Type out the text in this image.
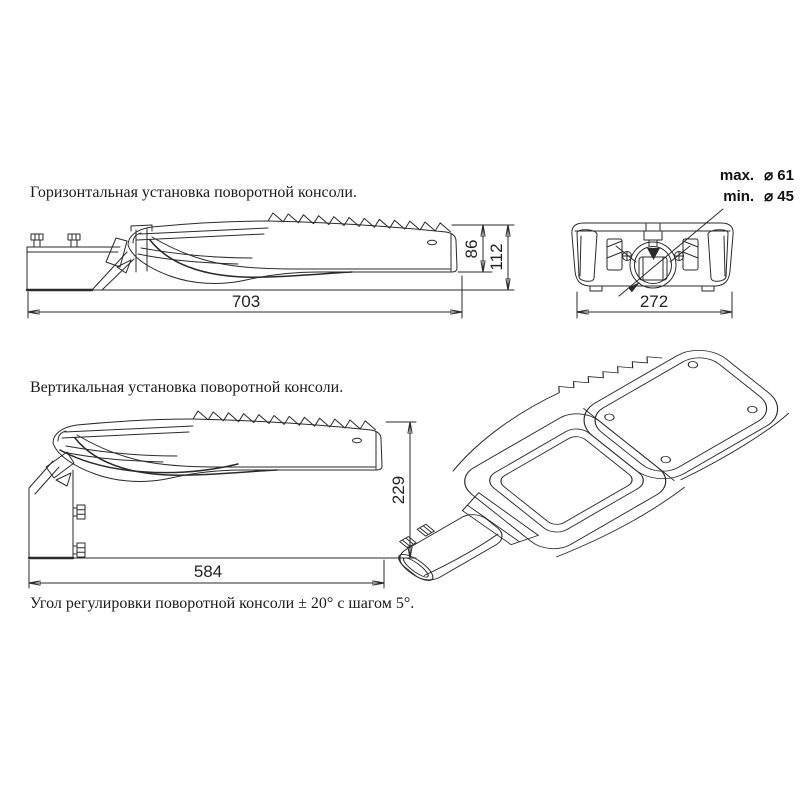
Горизонтальная установка поворотной консоли.
max. ⌀ 61
min. ⌀ 45
703
86 112
272
Вертикальная установка поворотной консоли.
584
229
Угол регулировки поворотной консоли ± 20° с шагом 5°.
